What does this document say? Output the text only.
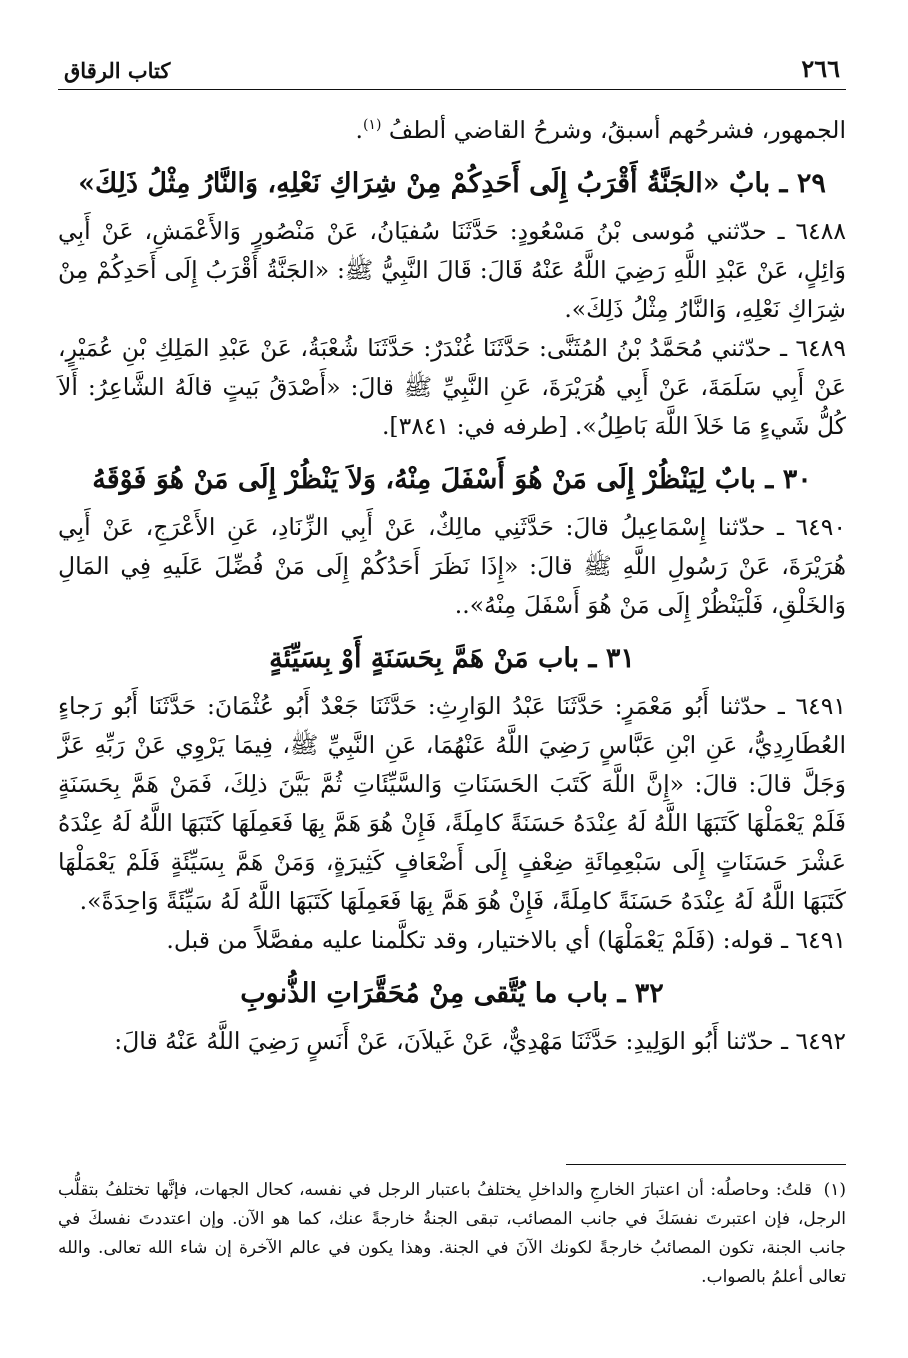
٢٦٦
كتاب الرقاق

الجمهور، فشرحُهم أسبقُ، وشرحُ القاضي ألطفُ $^{(١)}$.

٢٩ ـ بابٌ «الجَنَّةُ أَقْرَبُ إِلَى أَحَدِكُمْ مِنْ شِرَاكِ نَعْلِهِ، وَالنَّارُ مِثْلُ ذَلِكَ»

٦٤٨٨ ـ حدّثني مُوسى بْنُ مَسْعُودٍ: حَدَّثَنَا سُفيَانُ، عَنْ مَنْصُورٍ وَالأَعْمَشِ، عَنْ أَبِي وَائِلٍ، عَنْ عَبْدِ اللَّهِ رَضِيَ اللَّهُ عَنْهُ قَالَ: قَالَ النَّبِيُّ ﷺ: «الجَنَّةُ أَقْرَبُ إِلَى أَحَدِكُمْ مِنْ شِرَاكِ نَعْلِهِ، وَالنَّارُ مِثْلُ ذَلِكَ».

٦٤٨٩ ـ حدّثني مُحَمَّدُ بْنُ المُثَنَّى: حَدَّثَنَا غُنْدَرٌ: حَدَّثَنَا شُعْبَةُ، عَنْ عَبْدِ المَلِكِ بْنِ عُمَيْرٍ، عَنْ أَبِي سَلَمَةَ، عَنْ أَبِي هُرَيْرَةَ، عَنِ النَّبِيِّ ﷺ قالَ: «أَصْدَقُ بَيتٍ قالَهُ الشَّاعِرُ: أَلاَ كُلُّ شَيءٍ مَا خَلاَ اللَّهَ بَاطِلُ». [طرفه في: ٣٨٤١].

٣٠ ـ بابٌ لِيَنْظُرْ إِلَى مَنْ هُوَ أَسْفَلَ مِنْهُ، وَلاَ يَنْظُرْ إِلَى مَنْ هُوَ فَوْقَهُ

٦٤٩٠ ـ حدّثنا إِسْمَاعِيلُ قالَ: حَدَّثَنِي مالِكٌ، عَنْ أَبِي الزِّنَادِ، عَنِ الأَعْرَجِ، عَنْ أَبِي هُرَيْرَةَ، عَنْ رَسُولِ اللَّهِ ﷺ قالَ: «إِذَا نَظَرَ أَحَدُكُمْ إِلَى مَنْ فُضِّلَ عَلَيهِ فِي المَالِ وَالخَلْقِ، فَلْيَنْظُرْ إِلَى مَنْ هُوَ أَسْفَلَ مِنْهُ»..

٣١ ـ باب مَنْ هَمَّ بِحَسَنَةٍ أَوْ بِسَيِّئَةٍ

٦٤٩١ ـ حدّثنا أَبُو مَعْمَرٍ: حَدَّثَنَا عَبْدُ الوَارِثِ: حَدَّثَنَا جَعْدٌ أَبُو عُثْمَانَ: حَدَّثَنَا أَبُو رَجاءٍ العُطَارِدِيُّ، عَنِ ابْنِ عَبَّاسٍ رَضِيَ اللَّهُ عَنْهُمَا، عَنِ النَّبِيِّ ﷺ، فِيمَا يَرْوِي عَنْ رَبِّهِ عَزَّ وَجَلَّ قالَ: قالَ: «إِنَّ اللَّهَ كَتَبَ الحَسَنَاتِ وَالسَّيِّئَاتِ ثُمَّ بَيَّنَ ذلِكَ، فَمَنْ هَمَّ بِحَسَنَةٍ فَلَمْ يَعْمَلْهَا كَتَبَهَا اللَّهُ لَهُ عِنْدَهُ حَسَنَةً كامِلَةً، فَإِنْ هُوَ هَمَّ بِهَا فَعَمِلَهَا كَتَبَهَا اللَّهُ لَهُ عِنْدَهُ عَشْرَ حَسَنَاتٍ إِلَى سَبْعِمِائَةِ ضِعْفٍ إِلَى أَضْعَافٍ كَثِيرَةٍ، وَمَنْ هَمَّ بِسَيِّئَةٍ فَلَمْ يَعْمَلْهَا كَتَبَهَا اللَّهُ لَهُ عِنْدَهُ حَسَنَةً كامِلَةً، فَإِنْ هُوَ هَمَّ بِهَا فَعَمِلَهَا كَتَبَهَا اللَّهُ لَهُ سَيِّئَةً وَاحِدَةً».

٦٤٩١ ـ قوله: (فَلَمْ يَعْمَلْهَا) أي بالاختيار، وقد تكلَّمنا عليه مفصَّلاً من قبل.

٣٢ ـ باب ما يُتَّقى مِنْ مُحَقَّرَاتِ الذُّنوبِ

٦٤٩٢ ـ حدّثنا أَبُو الوَلِيدِ: حَدَّثَنَا مَهْدِيٌّ، عَنْ غَيلاَنَ، عَنْ أَنَسٍ رَضِيَ اللَّهُ عَنْهُ قالَ:

(١)قلتُ: وحاصلُه: أن اعتبارَ الخارجِ والداخلِ يختلفُ باعتبار الرجل في نفسه، كحال الجهات، فإنَّها تختلفُ بتقلُّب الرجل، فإن اعتبرتَ نفسَكَ في جانب المصائب، تبقى الجنةُ خارجةً عنك، كما هو الآن. وإن اعتددتَ نفسكَ في جانب الجنة، تكون المصائبُ خارجةً لكونك الآنَ في الجنة. وهذا يكون في عالم الآخرة إن شاء الله تعالى. والله تعالى أعلمُ بالصواب.
